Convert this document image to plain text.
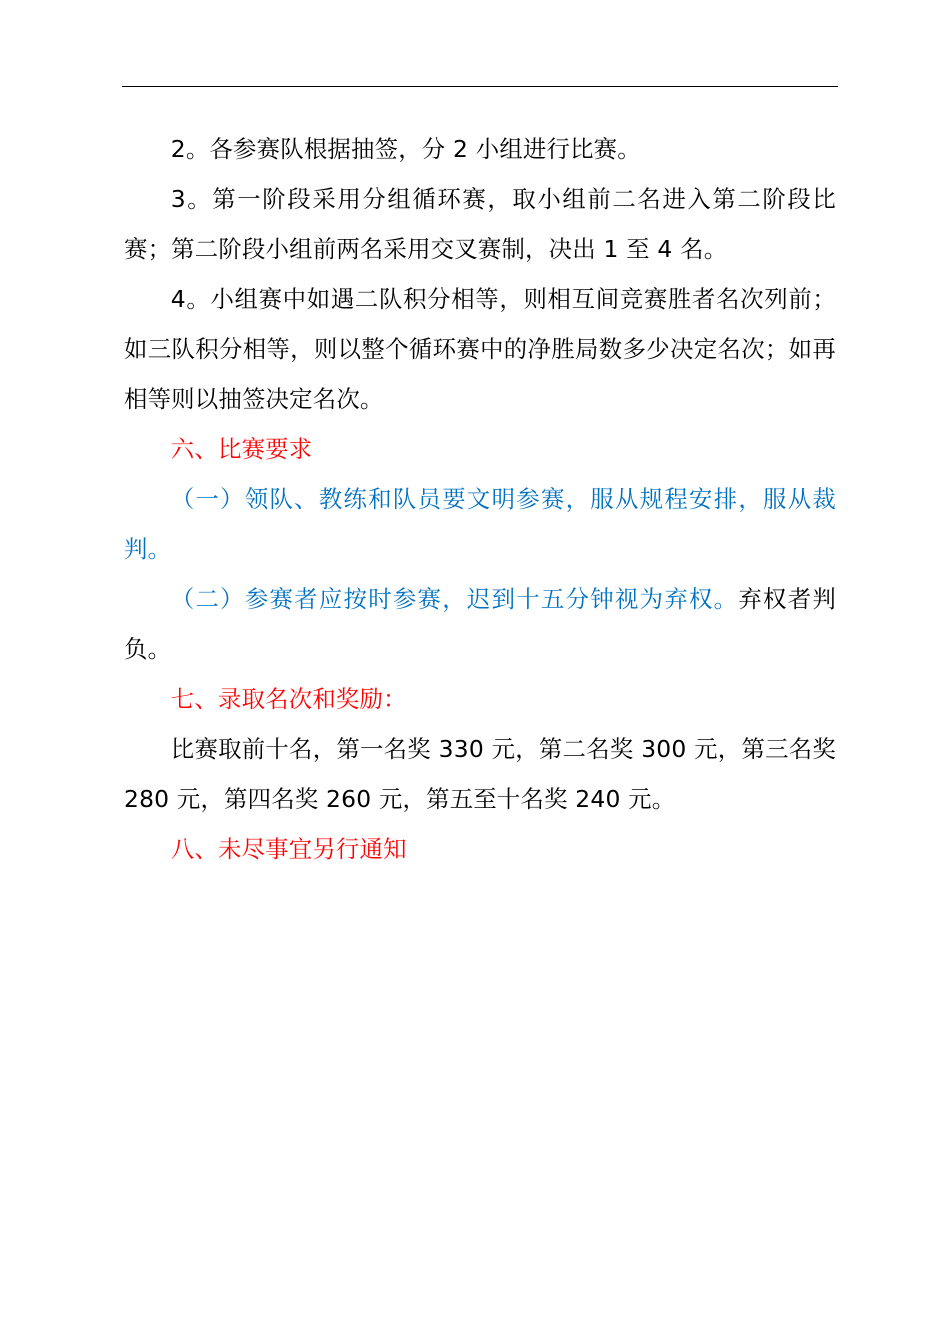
2。各参赛队根据抽签，分 2 小组进行比赛。

3。第一阶段采用分组循环赛，取小组前二名进入第二阶段比赛；第二阶段小组前两名采用交叉赛制，决出 1 至 4 名。

4。小组赛中如遇二队积分相等，则相互间竞赛胜者名次列前；如三队积分相等，则以整个循环赛中的净胜局数多少决定名次；如再相等则以抽签决定名次。

六、比赛要求

（一）领队、教练和队员要文明参赛，服从规程安排，服从裁判。

（二）参赛者应按时参赛，迟到十五分钟视为弃权。弃权者判负。

七、录取名次和奖励：

比赛取前十名，第一名奖 330 元，第二名奖 300 元，第三名奖 280 元，第四名奖 260 元，第五至十名奖 240 元。

八、未尽事宜另行通知
